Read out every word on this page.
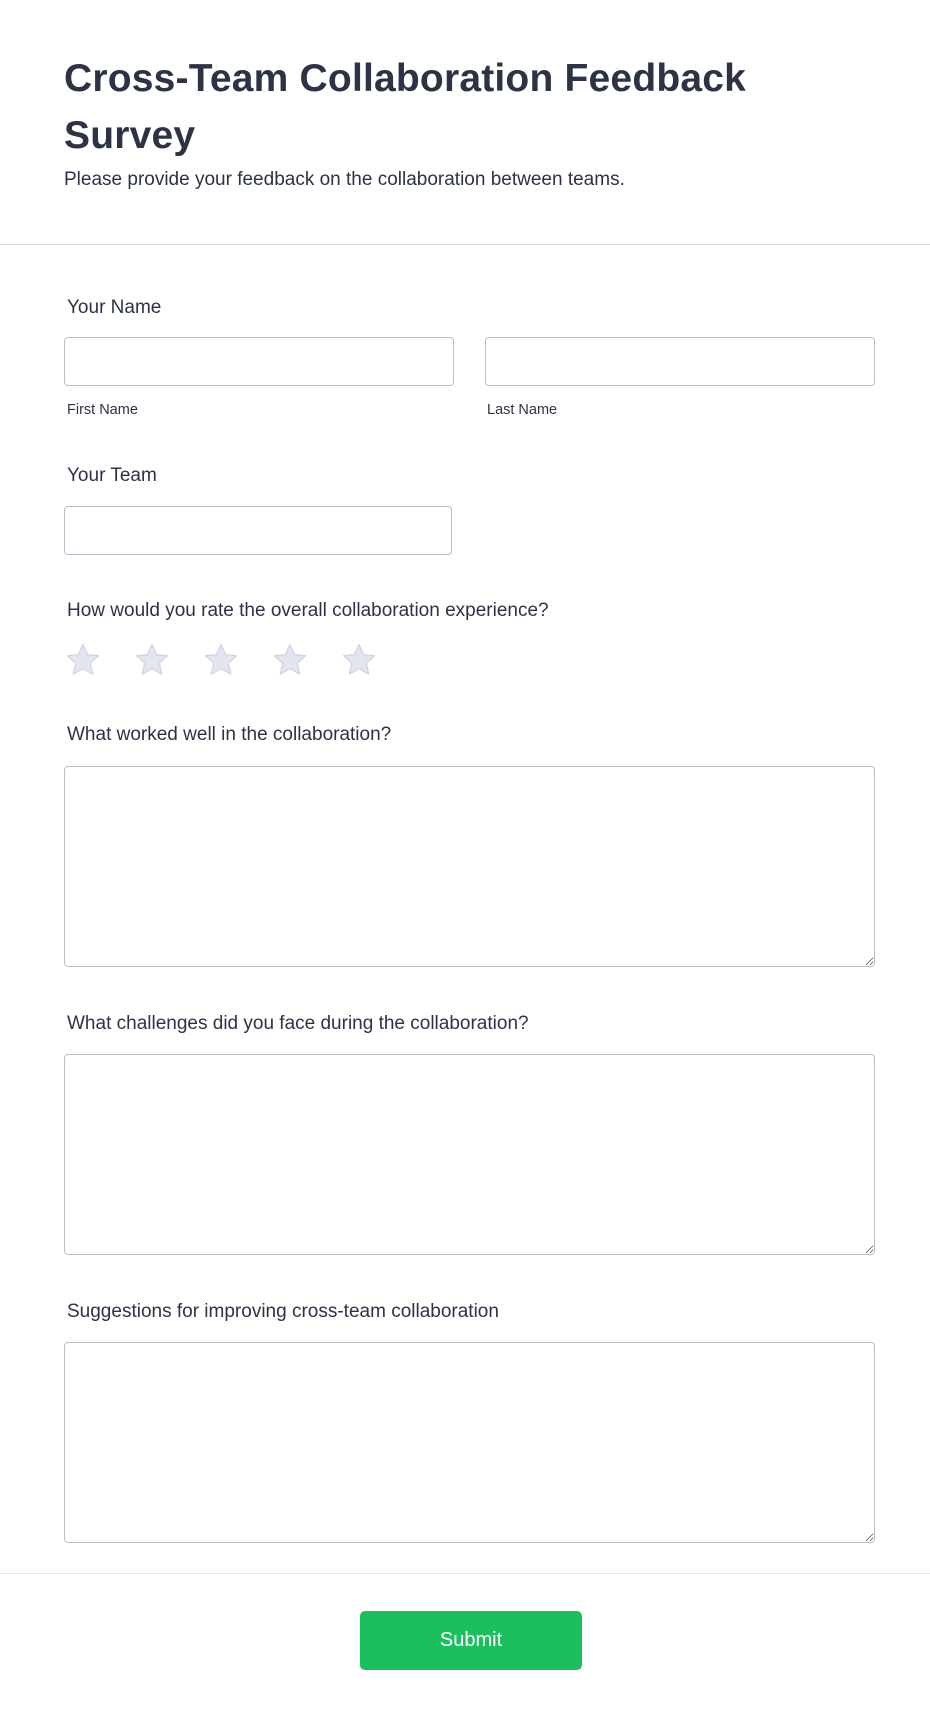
Cross-Team Collaboration Feedback Survey

Please provide your feedback on the collaboration between teams.

Your Name
First Name	Last Name
Your Team
How would you rate the overall collaboration experience?
What worked well in the collaboration?
What challenges did you face during the collaboration?
Suggestions for improving cross-team collaboration
Submit
